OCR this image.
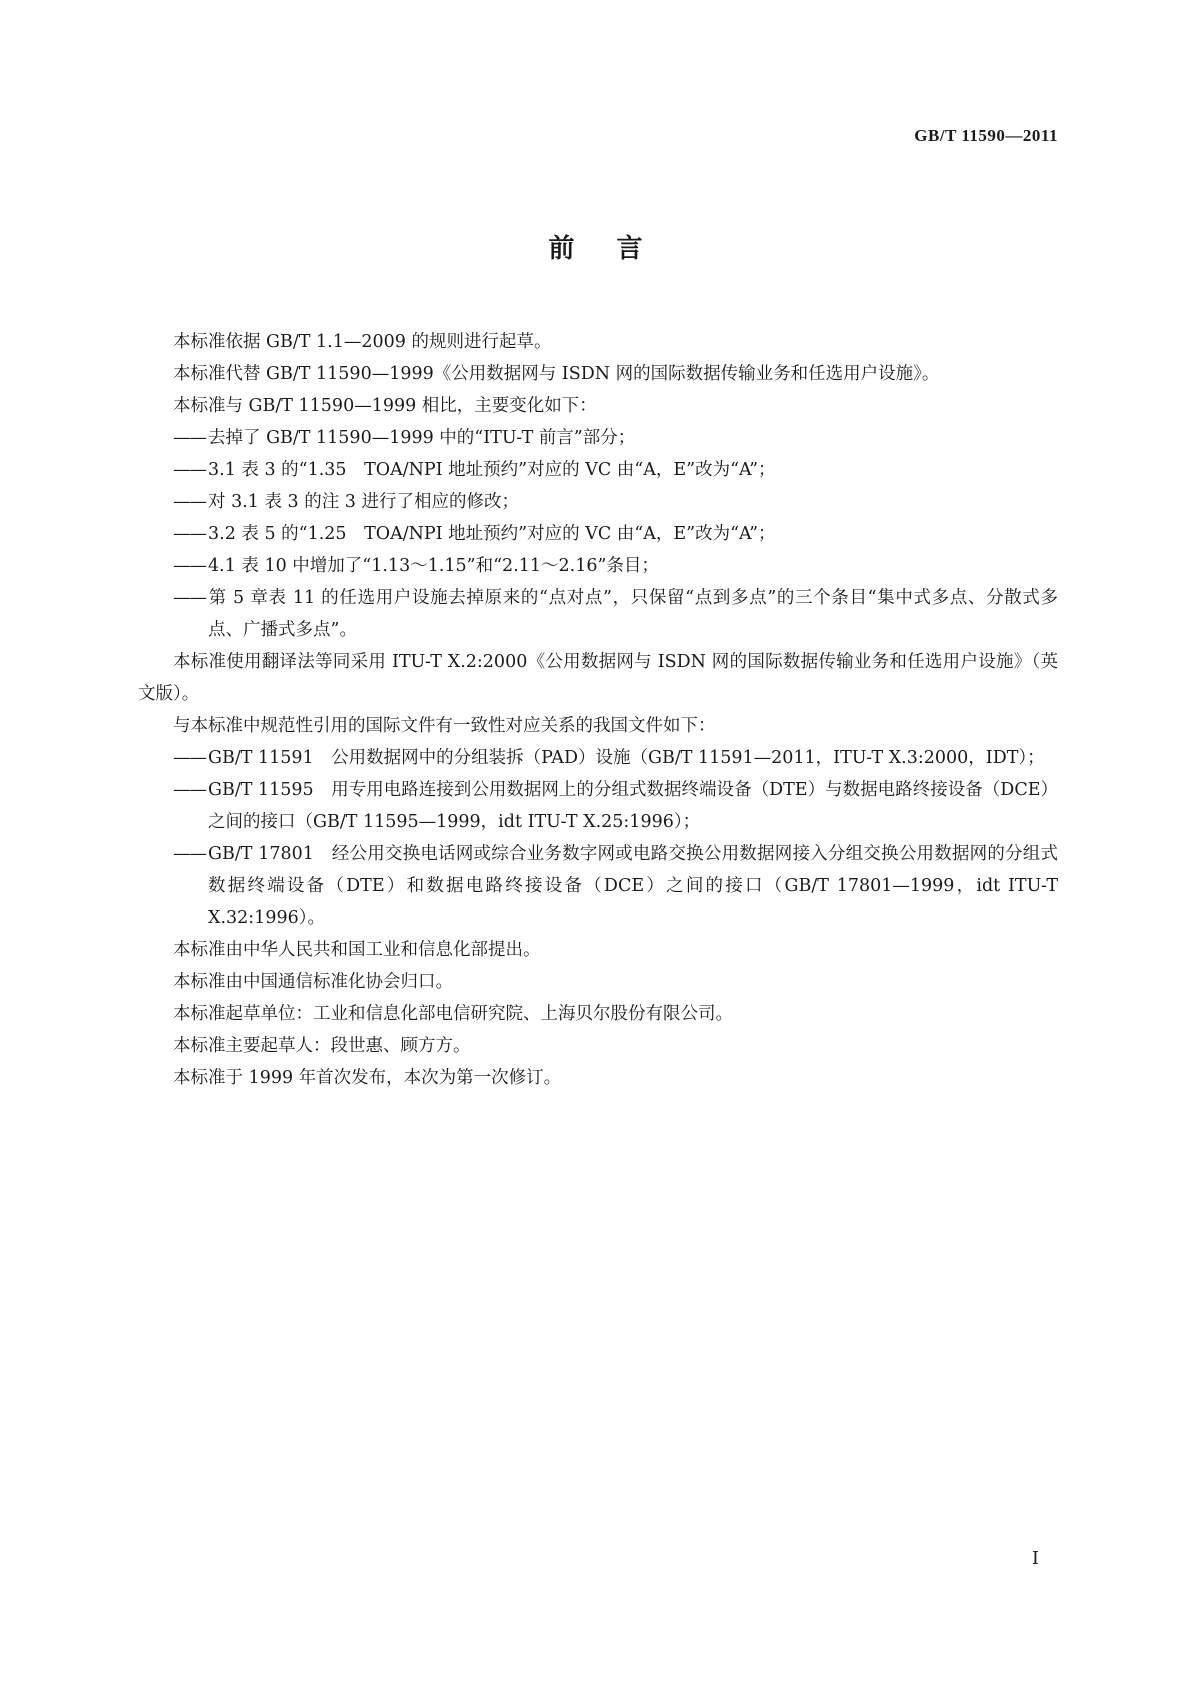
GB/T 11590—2011
前言

本标准依据 GB/T 1.1—2009 的规则进行起草。

本标准代替 GB/T 11590—1999《公用数据网与 ISDN 网的国际数据传输业务和任选用户设施》。

本标准与 GB/T 11590—1999 相比，主要变化如下：

—— 去掉了 GB/T 11590—1999 中的“ITU-T 前言”部分；

—— 3.1 表 3 的“1.35　TOA/NPI 地址预约”对应的 VC 由“A，E”改为“A”；

—— 对 3.1 表 3 的注 3 进行了相应的修改；

—— 3.2 表 5 的“1.25　TOA/NPI 地址预约”对应的 VC 由“A，E”改为“A”；

—— 4.1 表 10 中增加了“1.13～1.15”和“2.11～2.16”条目；

—— 第 5 章表 11 的任选用户设施去掉原来的“点对点”，只保留“点到多点”的三个条目“集中式多点、分散式多点、广播式多点”。

本标准使用翻译法等同采用 ITU-T X.2:2000《公用数据网与 ISDN 网的国际数据传输业务和任选用户设施》（英文版）。

与本标准中规范性引用的国际文件有一致性对应关系的我国文件如下：

—— GB/T 11591　公用数据网中的分组装拆（PAD）设施（GB/T 11591—2011，ITU-T X.3:2000，IDT）；

—— GB/T 11595　用专用电路连接到公用数据网上的分组式数据终端设备（DTE）与数据电路终接设备（DCE）之间的接口（GB/T 11595—1999，idt ITU-T X.25:1996）；

—— GB/T 17801　经公用交换电话网或综合业务数字网或电路交换公用数据网接入分组交换公用数据网的分组式数据终端设备（DTE）和数据电路终接设备（DCE）之间的接口（GB/T 17801—1999，idt ITU-T X.32:1996）。

本标准由中华人民共和国工业和信息化部提出。

本标准由中国通信标准化协会归口。

本标准起草单位：工业和信息化部电信研究院、上海贝尔股份有限公司。

本标准主要起草人：段世惠、顾方方。

本标准于 1999 年首次发布，本次为第一次修订。

I
